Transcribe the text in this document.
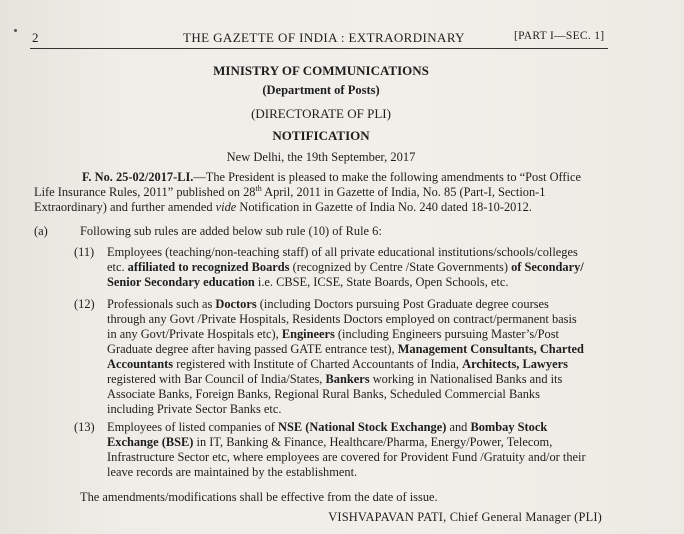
2	THE GAZETTE OF INDIA : EXTRAORDINARY	[PART I—SEC. 1]
MINISTRY OF COMMUNICATIONS
(Department of Posts)
(DIRECTORATE OF PLI)
NOTIFICATION
New Delhi, the 19th September, 2017
F. No. 25-02/2017-LI.—The President is pleased to make the following amendments to “Post Office
Life Insurance Rules, 2011” published on 28th April, 2011 in Gazette of India, No. 85 (Part-I, Section-1
Extraordinary) and further amended vide Notification in Gazette of India No. 240 dated 18-10-2012.
(a)	Following sub rules are added below sub rule (10) of Rule 6:
(11) Employees (teaching/non-teaching staff) of all private educational institutions/schools/colleges
etc. affiliated to recognized Boards (recognized by Centre /State Governments) of Secondary/
Senior Secondary education i.e. CBSE, ICSE, State Boards, Open Schools, etc.
(12) Professionals such as Doctors (including Doctors pursuing Post Graduate degree courses
through any Govt /Private Hospitals, Residents Doctors employed on contract/permanent basis
in any Govt/Private Hospitals etc), Engineers (including Engineers pursuing Master’s/Post
Graduate degree after having passed GATE entrance test), Management Consultants, Charted
Accountants registered with Institute of Charted Accountants of India, Architects, Lawyers
registered with Bar Council of India/States, Bankers working in Nationalised Banks and its
Associate Banks, Foreign Banks, Regional Rural Banks, Scheduled Commercial Banks
including Private Sector Banks etc.
(13) Employees of listed companies of NSE (National Stock Exchange) and Bombay Stock
Exchange (BSE) in IT, Banking & Finance, Healthcare/Pharma, Energy/Power, Telecom,
Infrastructure Sector etc, where employees are covered for Provident Fund /Gratuity and/or their
leave records are maintained by the establishment.
The amendments/modifications shall be effective from the date of issue.
VISHVAPAVAN PATI, Chief General Manager (PLI)
